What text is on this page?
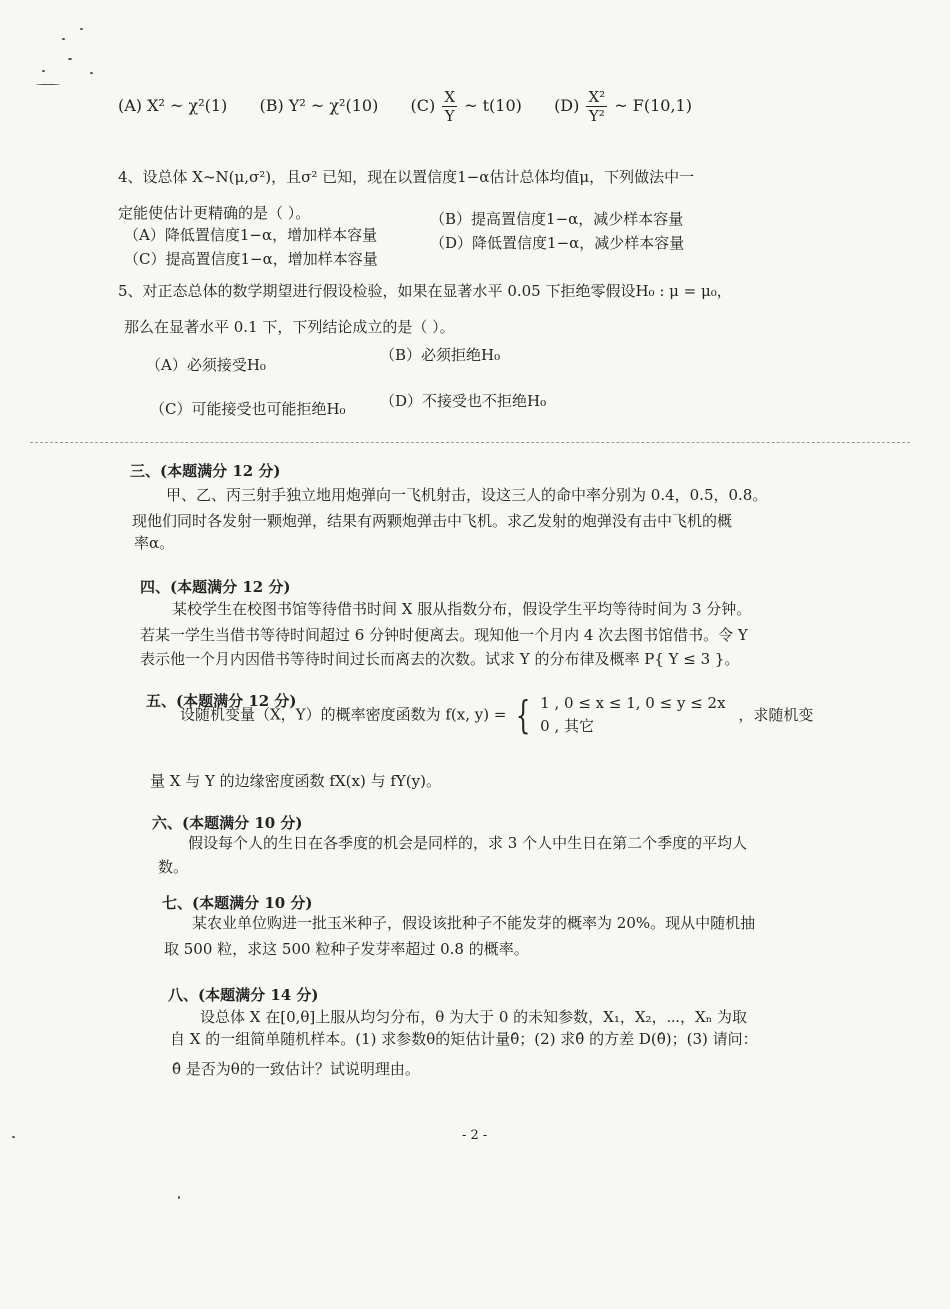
(A) X² ~ χ²(1) (B) Y² ~ χ²(10) $(C) \frac{X}{Y}$ ~ t(10) $(D) \frac{\text{X²}}{\text{Y²}}$ ~ F(10,1)
4、设总体 X~N(μ,σ²)，且σ² 已知，现在以置信度1−α估计总体均值μ，下列做法中一
定能使估计更精确的是（ ）。
（A）降低置信度1−α，增加样本容量
（B）提高置信度1−α，减少样本容量
（C）提高置信度1−α，增加样本容量
（D）降低置信度1−α，减少样本容量
5、对正态总体的数学期望进行假设检验，如果在显著水平 0.05 下拒绝零假设H₀ : μ = μ₀，
那么在显著水平 0.1 下，下列结论成立的是（ ）。
（A）必须接受H₀
（B）必须拒绝H₀
（C）可能接受也可能拒绝H₀ （D）不接受也不拒绝H₀
三、(本题满分 12 分)
甲、乙、丙三射手独立地用炮弹向一飞机射击，设这三人的命中率分别为 0.4，0.5，0.8。
现他们同时各发射一颗炮弹，结果有两颗炮弹击中飞机。求乙发射的炮弹没有击中飞机的概
率α。
四、(本题满分 12 分)
某校学生在校图书馆等待借书时间 X 服从指数分布，假设学生平均等待时间为 3 分钟。
若某一学生当借书等待时间超过 6 分钟时便离去。现知他一个月内 4 次去图书馆借书。令 Y
表示他一个月内因借书等待时间过长而离去的次数。试求 Y 的分布律及概率 P{ Y ≤ 3 }。
五、(本题满分 12 分)
设随机变量（X，Y）的概率密度函数为 f(x, y) = { 1 , 0 ≤ x ≤ 1, 0 ≤ y ≤ 2x
0 , 其它
，求随机变
量 X 与 Y 的边缘密度函数 fX(x) 与 fY(y)。
六、(本题满分 10 分)
假设每个人的生日在各季度的机会是同样的，求 3 个人中生日在第二个季度的平均人
数。
七、(本题满分 10 分)
某农业单位购进一批玉米种子，假设该批种子不能发芽的概率为 20%。现从中随机抽
取 500 粒，求这 500 粒种子发芽率超过 0.8 的概率。
八、(本题满分 14 分)
设总体 X 在[0,θ]上服从均匀分布，θ 为大于 0 的未知参数，X₁，X₂，⋯，Xₙ 为取
自 X 的一组简单随机样本。(1) 求参数θ的矩估计量θ̂；(2) 求θ̂ 的方差 D(θ̂)；(3) 请问：
θ̂ 是否为θ的一致估计？试说明理由。
- 2 -
